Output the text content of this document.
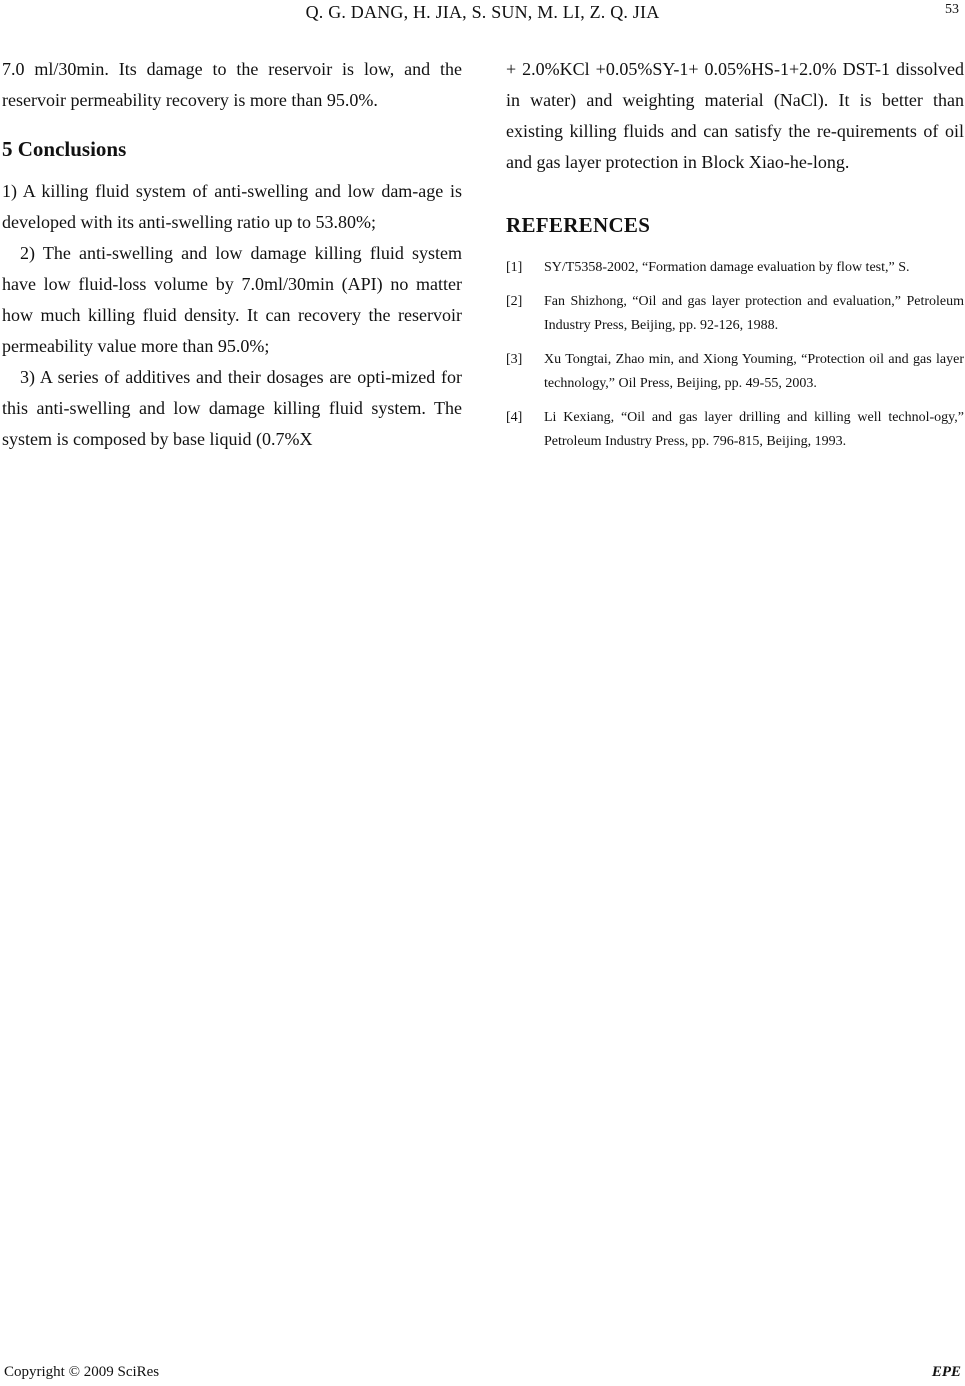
Q. G. DANG, H. JIA, S. SUN, M. LI, Z. Q. JIA	53

7.0 ml/30min. Its damage to the reservoir is low, and the reservoir permeability recovery is more than 95.0%.

5 Conclusions

1) A killing fluid system of anti-swelling and low dam-age is developed with its anti-swelling ratio up to 53.80%;

2) The anti-swelling and low damage killing fluid system have low fluid-loss volume by 7.0ml/30min (API) no matter how much killing fluid density. It can recovery the reservoir permeability value more than 95.0%;

3) A series of additives and their dosages are opti-mized for this anti-swelling and low damage killing fluid system. The system is composed by base liquid (0.7%X

+ 2.0%KCl +0.05%SY-1+ 0.05%HS-1+2.0% DST-1 dissolved in water) and weighting material (NaCl). It is better than existing killing fluids and can satisfy the re-quirements of oil and gas layer protection in Block Xiao-he-long.

REFERENCES
[1]	SY/T5358-2002, “Formation damage evaluation by flow test,” S.
[2]	Fan Shizhong, “Oil and gas layer protection and evaluation,” Petroleum Industry Press, Beijing, pp. 92-126, 1988.
[3]	Xu Tongtai, Zhao min, and Xiong Youming, “Protection oil and gas layer technology,” Oil Press, Beijing, pp. 49-55, 2003.
[4]	Li Kexiang, “Oil and gas layer drilling and killing well technol-ogy,” Petroleum Industry Press, pp. 796-815, Beijing, 1993.
Copyright © 2009 SciRes	EPE
